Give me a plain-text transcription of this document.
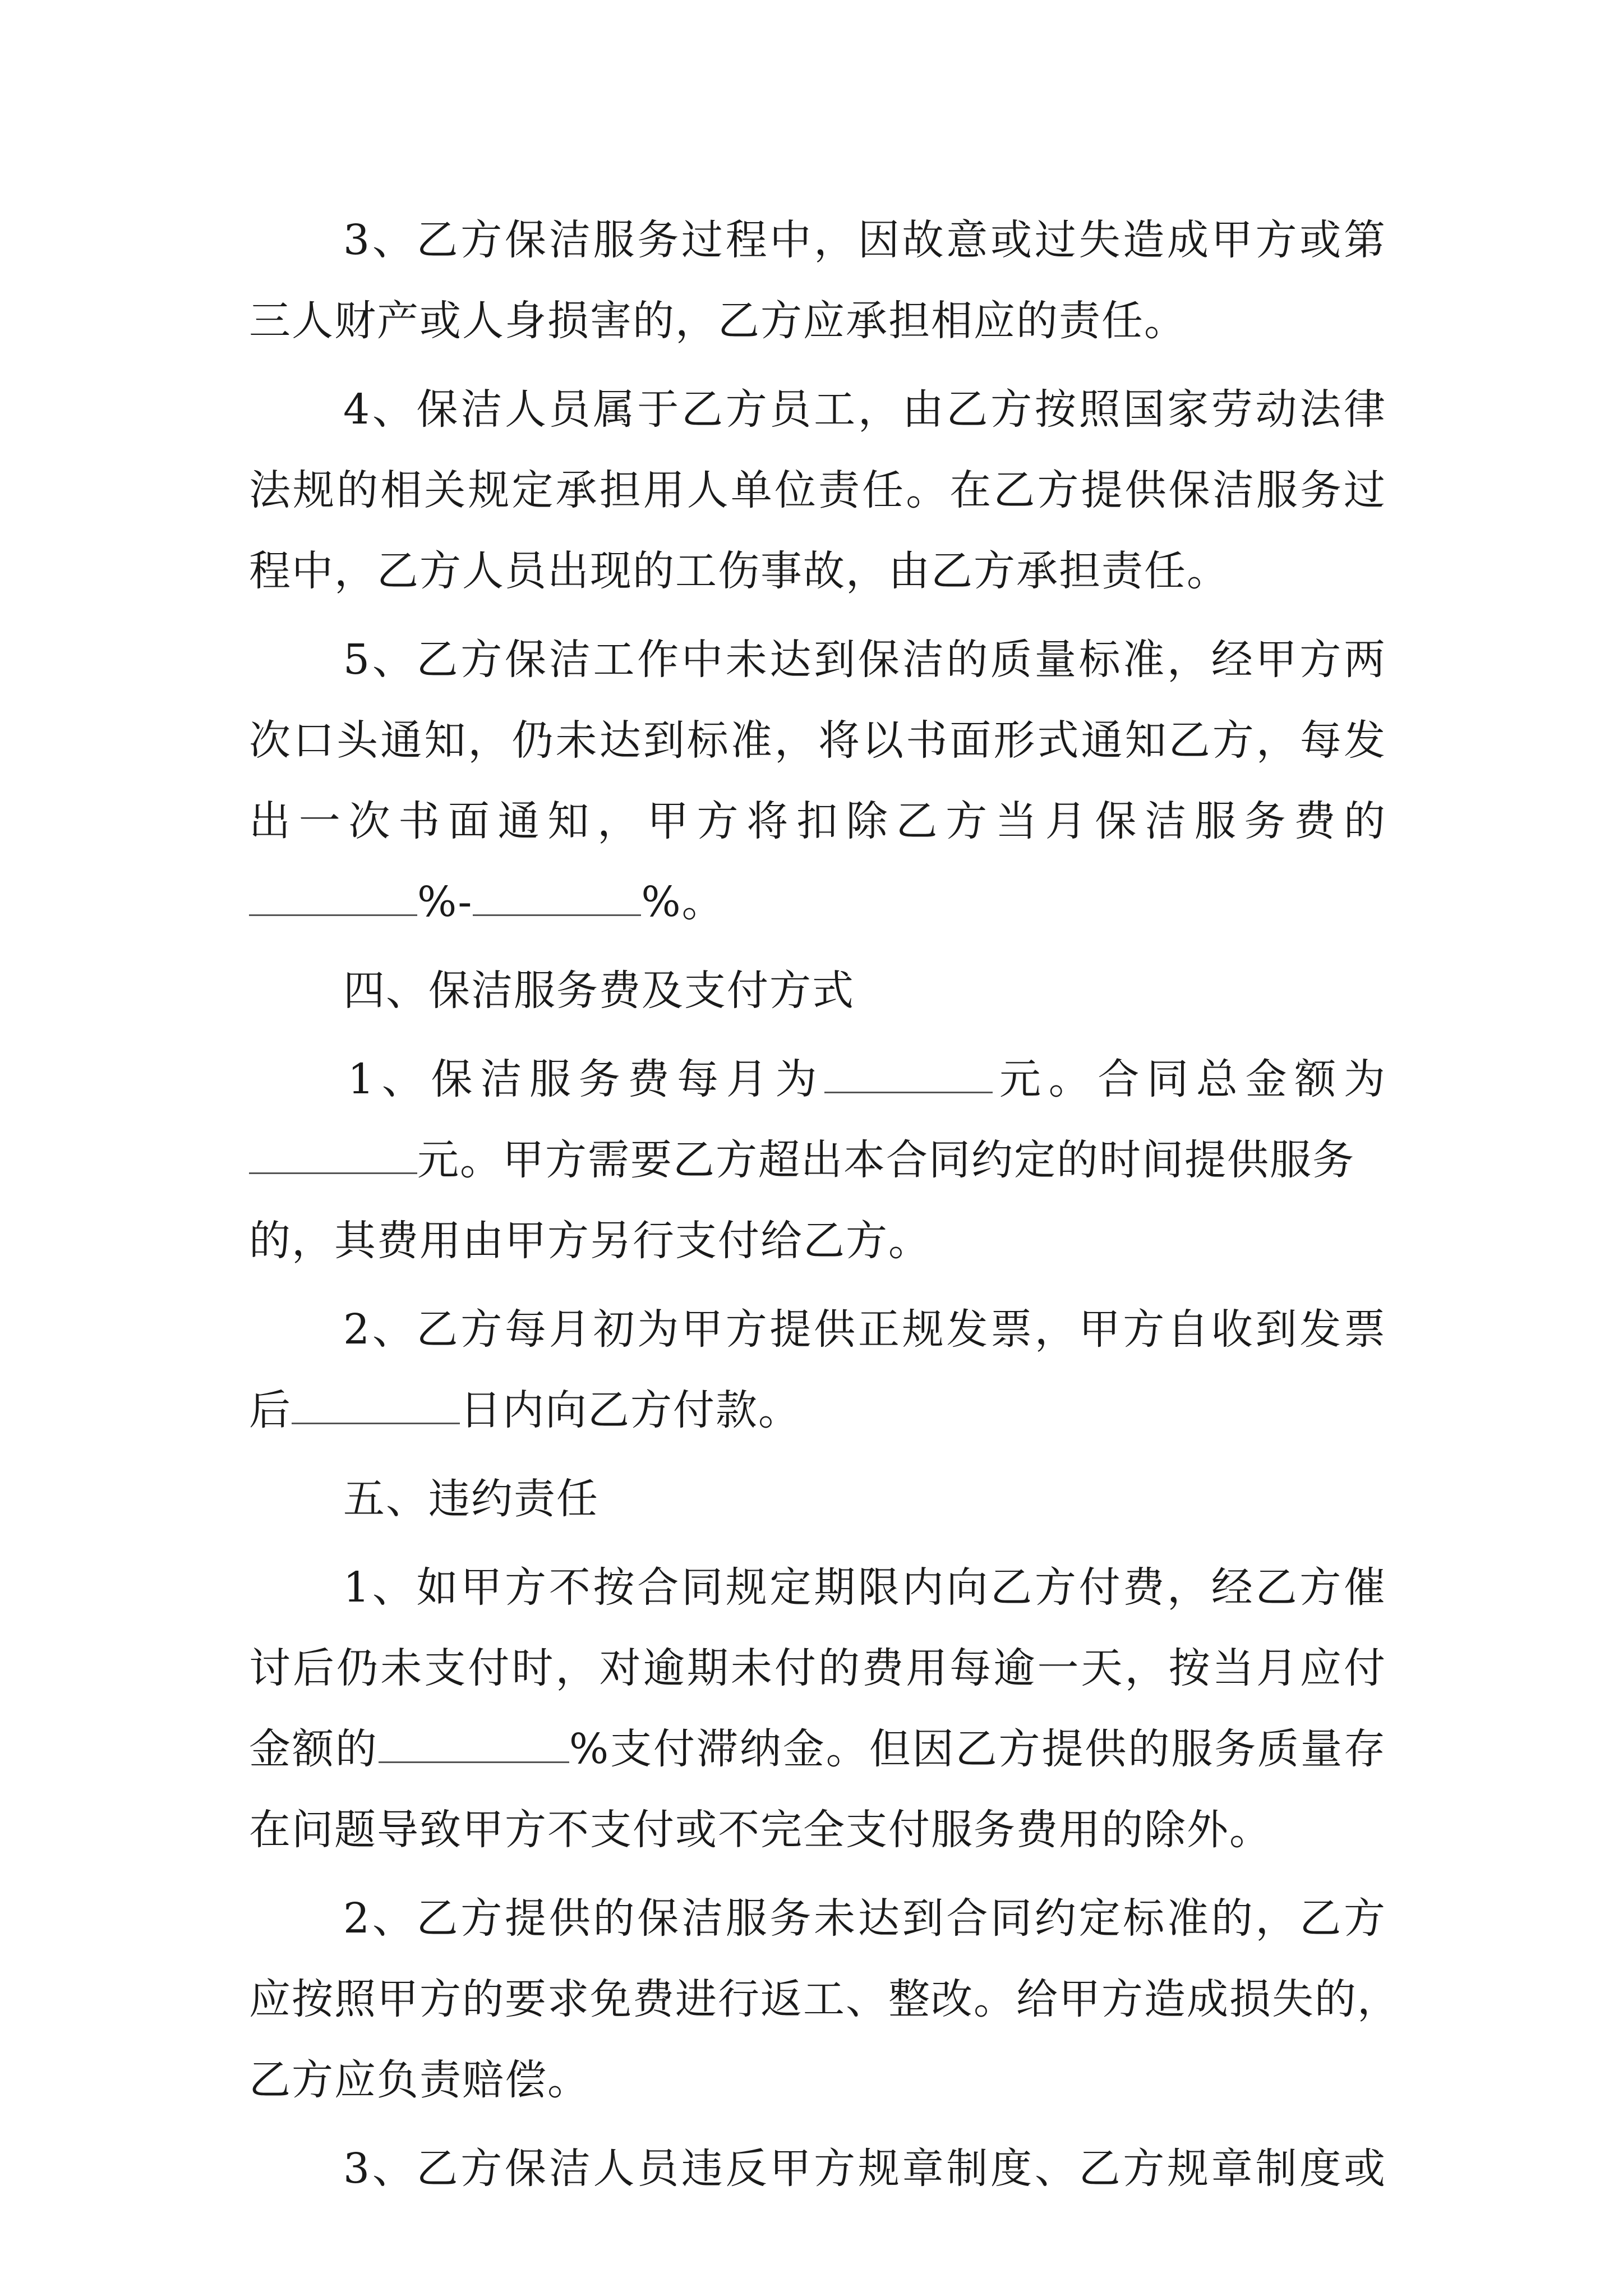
3、乙方保洁服务过程中，因故意或过失造成甲方或第
三人财产或人身损害的，乙方应承担相应的责任。
4、保洁人员属于乙方员工，由乙方按照国家劳动法律
法规的相关规定承担用人单位责任。在乙方提供保洁服务过
程中，乙方人员出现的工伤事故，由乙方承担责任。
5、乙方保洁工作中未达到保洁的质量标准，经甲方两
次口头通知，仍未达到标准，将以书面形式通知乙方，每发
出一次书面通知，甲方将扣除乙方当月保洁服务费的
%-	%。
四、保洁服务费及支付方式
1、保洁服务费每月为	元。合同总金额为
元。甲方需要乙方超出本合同约定的时间提供服务
的，其费用由甲方另行支付给乙方。
2、乙方每月初为甲方提供正规发票，甲方自收到发票
后	日内向乙方付款。
五、违约责任
1、如甲方不按合同规定期限内向乙方付费，经乙方催
讨后仍未支付时，对逾期未付的费用每逾一天，按当月应付
金额的	%支付滞纳金。但因乙方提供的服务质量存
在问题导致甲方不支付或不完全支付服务费用的除外。
2、乙方提供的保洁服务未达到合同约定标准的，乙方
应按照甲方的要求免费进行返工、整改。给甲方造成损失的，
乙方应负责赔偿。
3、乙方保洁人员违反甲方规章制度、乙方规章制度或
